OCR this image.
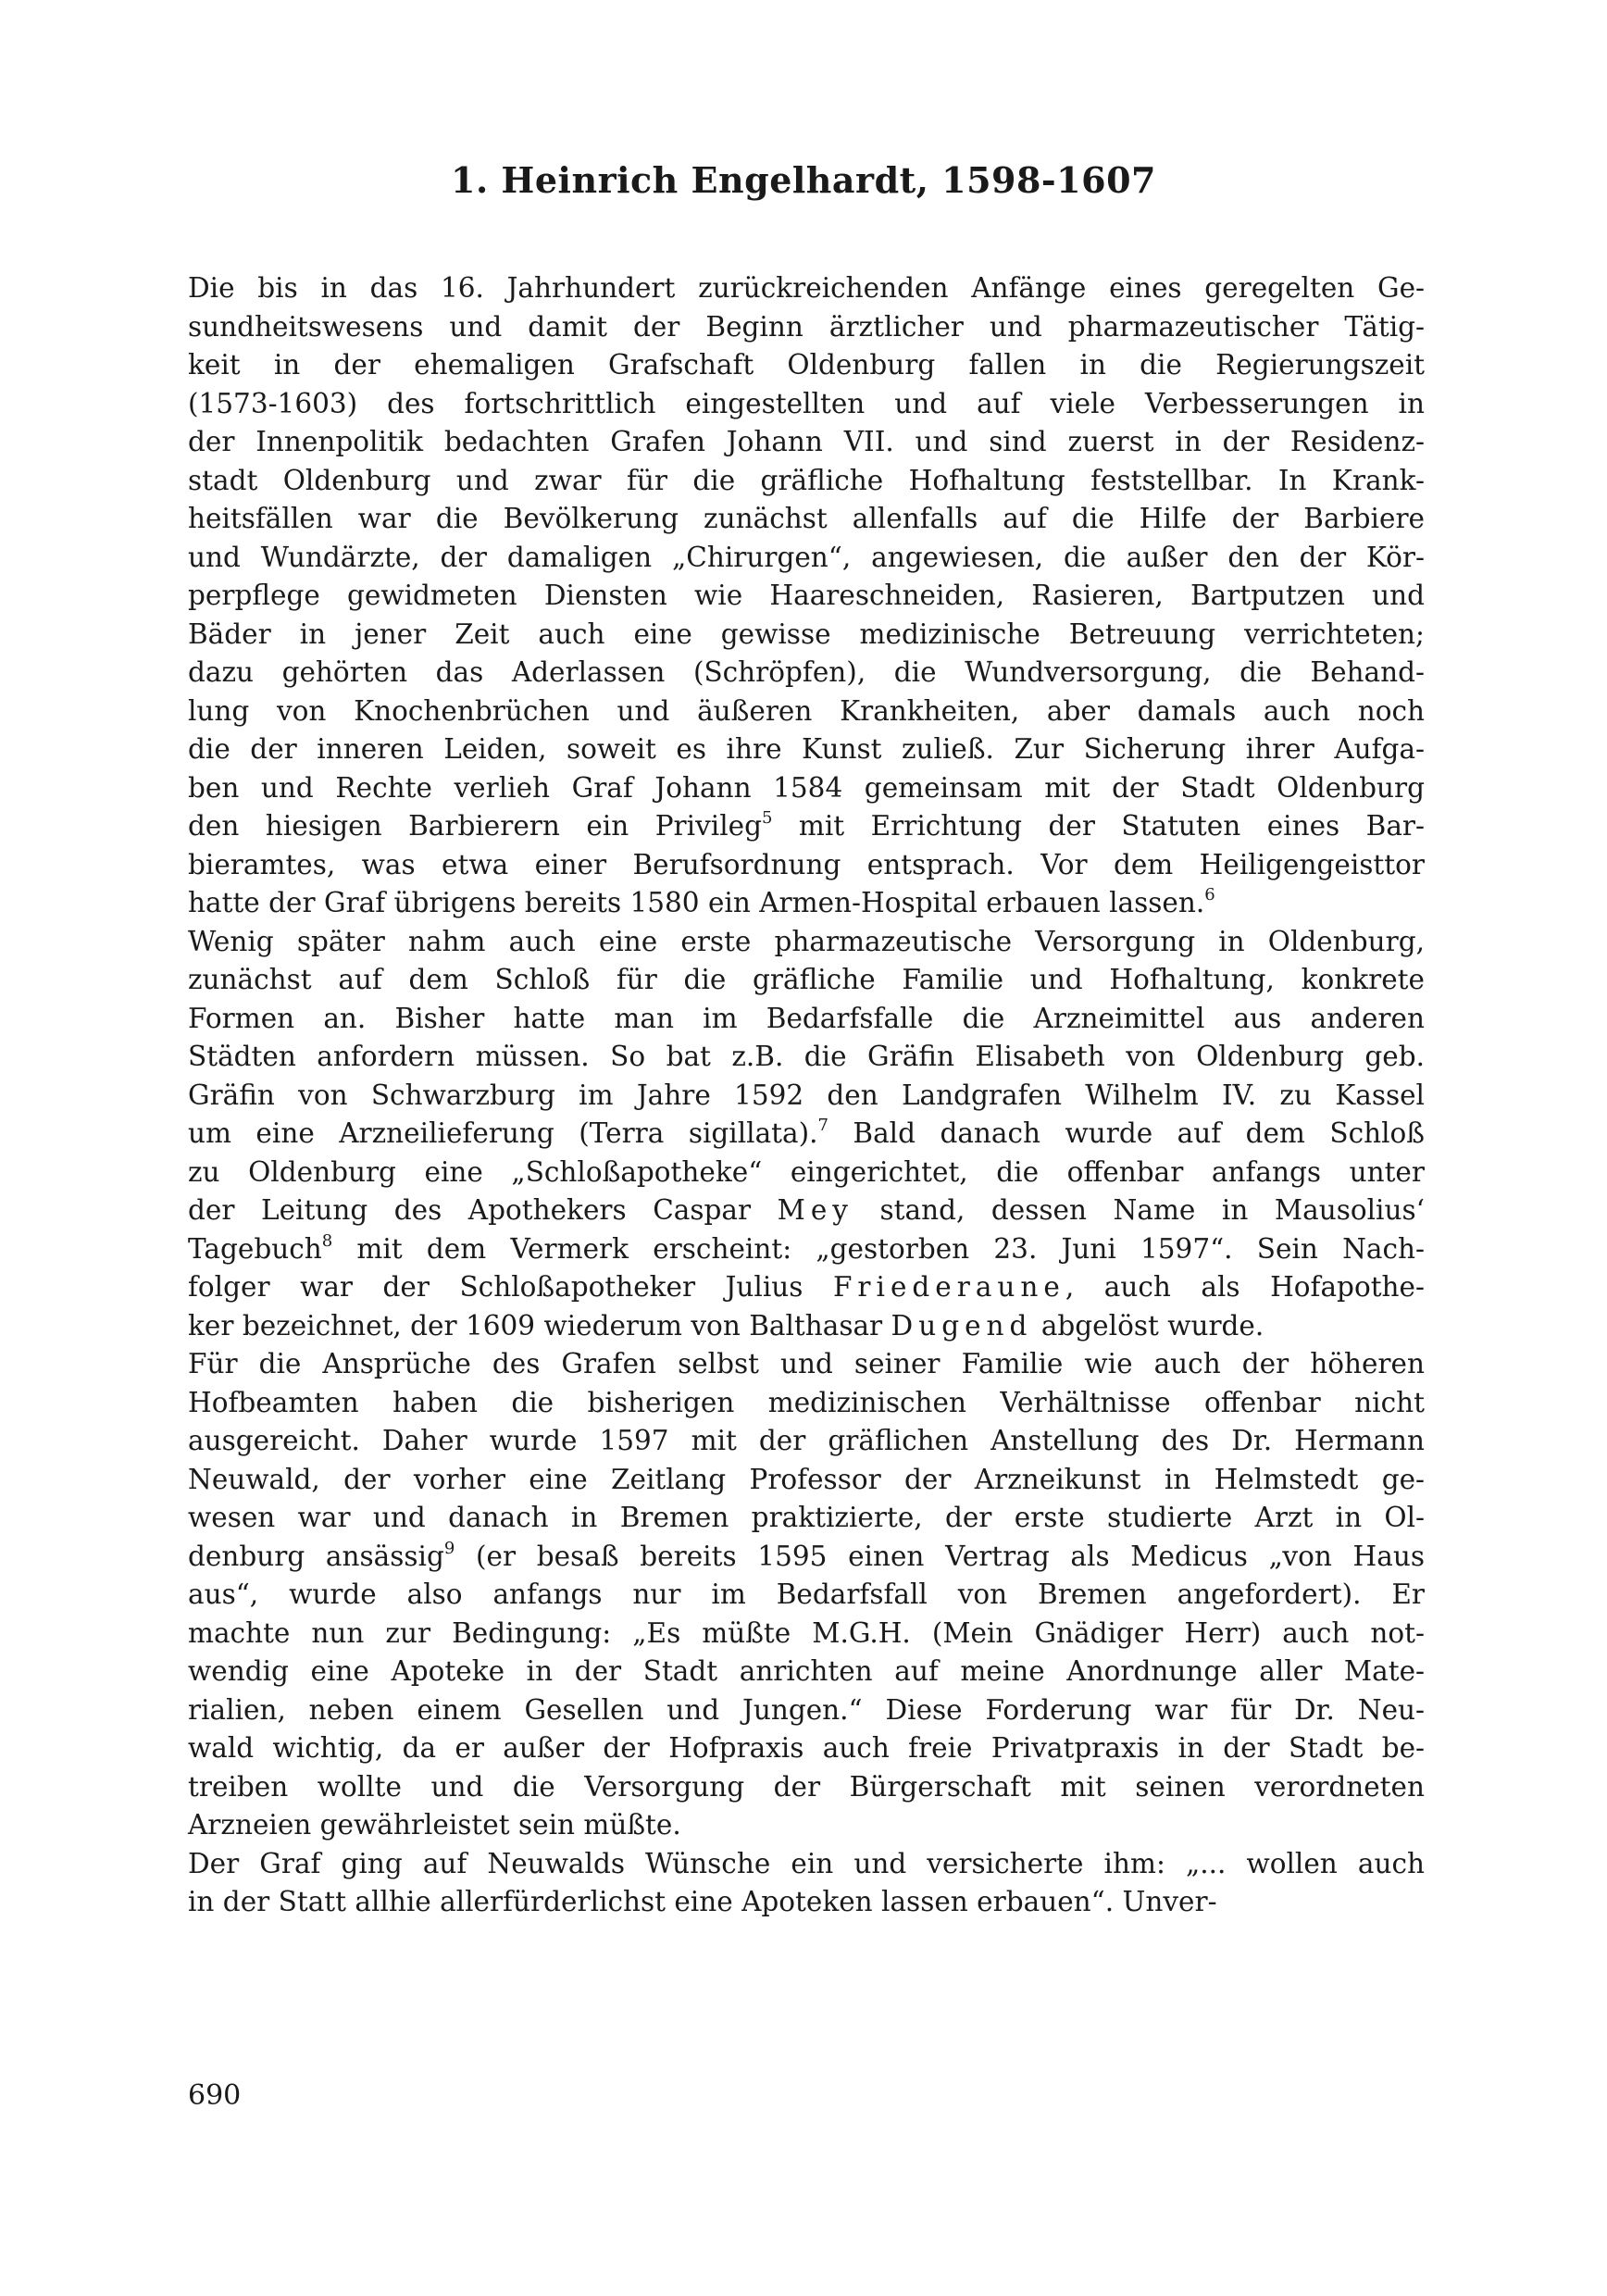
1. Heinrich Engelhardt, 1598-1607
Die bis in das 16. Jahrhundert zurückreichenden Anfänge eines geregelten Ge-
sundheitswesens und damit der Beginn ärztlicher und pharmazeutischer Tätig-
keit in der ehemaligen Grafschaft Oldenburg fallen in die Regierungszeit
(1573-1603) des fortschrittlich eingestellten und auf viele Verbesserungen in
der Innenpolitik bedachten Grafen Johann VII. und sind zuerst in der Residenz-
stadt Oldenburg und zwar für die gräfliche Hofhaltung feststellbar. In Krank-
heitsfällen war die Bevölkerung zunächst allenfalls auf die Hilfe der Barbiere
und Wundärzte, der damaligen „Chirurgen“, angewiesen, die außer den der Kör-
perpflege gewidmeten Diensten wie Haareschneiden, Rasieren, Bartputzen und
Bäder in jener Zeit auch eine gewisse medizinische Betreuung verrichteten;
dazu gehörten das Aderlassen (Schröpfen), die Wundversorgung, die Behand-
lung von Knochenbrüchen und äußeren Krankheiten, aber damals auch noch
die der inneren Leiden, soweit es ihre Kunst zuließ. Zur Sicherung ihrer Aufga-
ben und Rechte verlieh Graf Johann 1584 gemeinsam mit der Stadt Oldenburg
den hiesigen Barbierern ein Privileg$^5$ mit Errichtung der Statuten eines Bar-
bieramtes, was etwa einer Berufsordnung entsprach. Vor dem Heiligengeisttor
hatte der Graf übrigens bereits 1580 ein Armen-Hospital erbauen lassen.$^6$
Wenig später nahm auch eine erste pharmazeutische Versorgung in Oldenburg,
zunächst auf dem Schloß für die gräfliche Familie und Hofhaltung, konkrete
Formen an. Bisher hatte man im Bedarfsfalle die Arzneimittel aus anderen
Städten anfordern müssen. So bat z.B. die Gräfin Elisabeth von Oldenburg geb.
Gräfin von Schwarzburg im Jahre 1592 den Landgrafen Wilhelm IV. zu Kassel
um eine Arzneilieferung (Terra sigillata).$^7$ Bald danach wurde auf dem Schloß
zu Oldenburg eine „Schloßapotheke“ eingerichtet, die offenbar anfangs unter
der Leitung des Apothekers Caspar Mey stand, dessen Name in Mausolius‘
Tagebuch$^8$ mit dem Vermerk erscheint: „gestorben 23. Juni 1597“. Sein Nach-
folger war der Schloßapotheker Julius Friederaune, auch als Hofapothe-
ker bezeichnet, der 1609 wiederum von Balthasar Dugend abgelöst wurde.
Für die Ansprüche des Grafen selbst und seiner Familie wie auch der höheren
Hofbeamten haben die bisherigen medizinischen Verhältnisse offenbar nicht
ausgereicht. Daher wurde 1597 mit der gräflichen Anstellung des Dr. Hermann
Neuwald, der vorher eine Zeitlang Professor der Arzneikunst in Helmstedt ge-
wesen war und danach in Bremen praktizierte, der erste studierte Arzt in Ol-
denburg ansässig$^9$ (er besaß bereits 1595 einen Vertrag als Medicus „von Haus
aus“, wurde also anfangs nur im Bedarfsfall von Bremen angefordert). Er
machte nun zur Bedingung: „Es müßte M.G.H. (Mein Gnädiger Herr) auch not-
wendig eine Apoteke in der Stadt anrichten auf meine Anordnunge aller Mate-
rialien, neben einem Gesellen und Jungen.“ Diese Forderung war für Dr. Neu-
wald wichtig, da er außer der Hofpraxis auch freie Privatpraxis in der Stadt be-
treiben wollte und die Versorgung der Bürgerschaft mit seinen verordneten
Arzneien gewährleistet sein müßte.
Der Graf ging auf Neuwalds Wünsche ein und versicherte ihm: „... wollen auch
in der Statt allhie allerfürderlichst eine Apoteken lassen erbauen“. Unver-
690
